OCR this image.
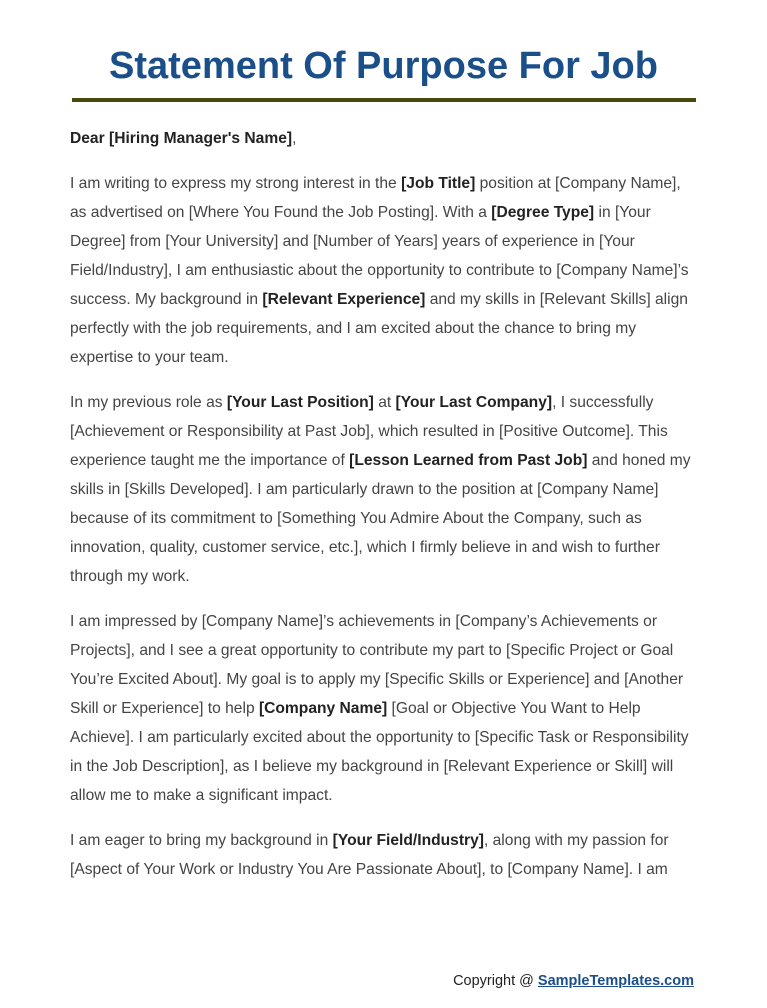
Statement Of Purpose For Job

Dear [Hiring Manager's Name],

I am writing to express my strong interest in the [Job Title] position at [Company Name], as advertised on [Where You Found the Job Posting]. With a [Degree Type] in [Your Degree] from [Your University] and [Number of Years] years of experience in [Your Field/Industry], I am enthusiastic about the opportunity to contribute to [Company Name]’s success. My background in [Relevant Experience] and my skills in [Relevant Skills] align perfectly with the job requirements, and I am excited about the chance to bring my expertise to your team.

In my previous role as [Your Last Position] at [Your Last Company], I successfully [Achievement or Responsibility at Past Job], which resulted in [Positive Outcome]. This experience taught me the importance of [Lesson Learned from Past Job] and honed my skills in [Skills Developed]. I am particularly drawn to the position at [Company Name] because of its commitment to [Something You Admire About the Company, such as innovation, quality, customer service, etc.], which I firmly believe in and wish to further through my work.

I am impressed by [Company Name]’s achievements in [Company’s Achievements or Projects], and I see a great opportunity to contribute my part to [Specific Project or Goal You’re Excited About]. My goal is to apply my [Specific Skills or Experience] and [Another Skill or Experience] to help [Company Name] [Goal or Objective You Want to Help Achieve]. I am particularly excited about the opportunity to [Specific Task or Responsibility in the Job Description], as I believe my background in [Relevant Experience or Skill] will allow me to make a significant impact.

I am eager to bring my background in [Your Field/Industry], along with my passion for [Aspect of Your Work or Industry You Are Passionate About], to [Company Name]. I am

Copyright @ SampleTemplates.com
